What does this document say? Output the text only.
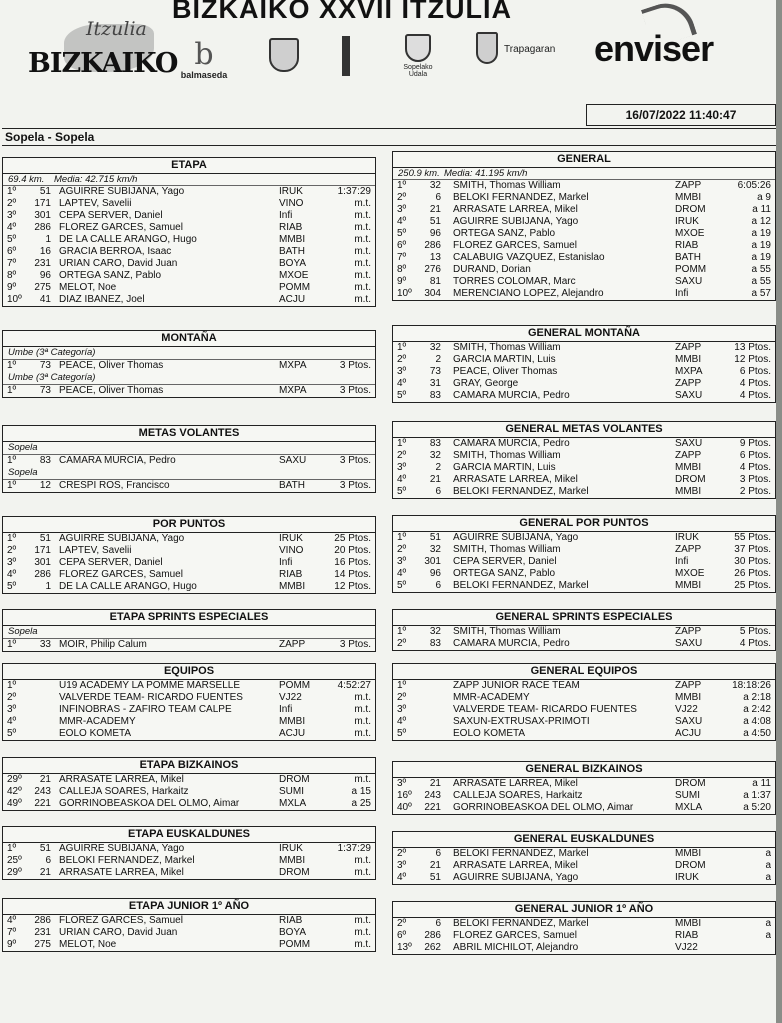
Itzulia
BIZKAIKO
BIZKAIKO XXVII ITZULIA
b
balmaseda
Sopelako Udala
Trapagaran enviser
16/07/2022 11:40:47
Sopela - Sopela
ETAPA
69.4 km.	Media: 42.715 km/h
1º	51 AGUIRRE SUBIJANA, Yago	IRUK	1:37:29
2º	171 LAPTEV, Savelii	VINO	m.t.
3º	301 CEPA SERVER, Daniel	Infi	m.t.
4º	286 FLOREZ GARCES, Samuel	RIAB	m.t.
5º	1 DE LA CALLE ARANGO, Hugo	MMBI	m.t.
6º	16 GRACIA BERROA, Isaac	BATH	m.t.
7º	231 URIAN CARO, David Juan	BOYA	m.t.
8º	96 ORTEGA SANZ, Pablo	MXOE	m.t.
9º	275 MELOT, Noe	POMM	m.t.
10º	41 DIAZ IBAÑEZ, Joel	ACJU	m.t.
GENERAL
250.9 km. Media: 41.195 km/h
1º	32 SMITH, Thomas William	ZAPP	6:05:26
2º	6 BELOKI FERNANDEZ, Markel	MMBI	a 9
3º	21 ARRASATE LARREA, Mikel	DROM	a 11
4º	51 AGUIRRE SUBIJANA, Yago	IRUK	a 12
5º	96 ORTEGA SANZ, Pablo	MXOE	a 19
6º	286 FLOREZ GARCES, Samuel	RIAB	a 19
7º	13 CALABUIG VAZQUEZ, Estanislao	BATH	a 19
8º	276 DURAND, Dorian	POMM	a 55
9º	81 TORRES COLOMAR, Marc	SAXU	a 55
10º	304 MERENCIANO LOPEZ, Alejandro	Infi	a 57
MONTAÑA
Umbe (3ª Categoría)
1º	73 PEACE, Oliver Thomas	MXPA	3 Ptos.
Umbe (3ª Categoría)
1º	73 PEACE, Oliver Thomas	MXPA	3 Ptos.
GENERAL MONTAÑA
1º	32 SMITH, Thomas William	ZAPP	13 Ptos.
2º	2 GARCIA MARTIN, Luis	MMBI	12 Ptos.
3º	73 PEACE, Oliver Thomas	MXPA	6 Ptos.
4º	31 GRAY, George	ZAPP	4 Ptos.
5º	83 CAMARA MURCIA, Pedro	SAXU	4 Ptos.
METAS VOLANTES
Sopela
1º	83 CAMARA MURCIA, Pedro	SAXU	3 Ptos.
Sopela
1º	12 CRESPI ROS, Francisco	BATH	3 Ptos.
GENERAL METAS VOLANTES
1º	83 CAMARA MURCIA, Pedro	SAXU	9 Ptos.
2º	32 SMITH, Thomas William	ZAPP	6 Ptos.
3º	2 GARCIA MARTIN, Luis	MMBI	4 Ptos.
4º	21 ARRASATE LARREA, Mikel	DROM	3 Ptos.
5º	6 BELOKI FERNANDEZ, Markel	MMBI	2 Ptos.
POR PUNTOS
1º	51 AGUIRRE SUBIJANA, Yago	IRUK	25 Ptos.
2º	171 LAPTEV, Savelii	VINO	20 Ptos.
3º	301 CEPA SERVER, Daniel	Infi	16 Ptos.
4º	286 FLOREZ GARCES, Samuel	RIAB	14 Ptos.
5º	1 DE LA CALLE ARANGO, Hugo	MMBI	12 Ptos.
GENERAL POR PUNTOS
1º	51 AGUIRRE SUBIJANA, Yago	IRUK	55 Ptos.
2º	32 SMITH, Thomas William	ZAPP	37 Ptos.
3º	301 CEPA SERVER, Daniel	Infi	30 Ptos.
4º	96 ORTEGA SANZ, Pablo	MXOE	26 Ptos.
5º	6 BELOKI FERNANDEZ, Markel	MMBI	25 Ptos.
ETAPA SPRINTS ESPECIALES
Sopela
1º	33 MOIR, Philip Calum	ZAPP	3 Ptos.
GENERAL SPRINTS ESPECIALES
1º	32 SMITH, Thomas William	ZAPP	5 Ptos.
2º	83 CAMARA MURCIA, Pedro	SAXU	4 Ptos.
EQUIPOS
1º	U19 ACADEMY LA POMME MARSELLE	POMM	4:52:27
2º	VALVERDE TEAM- RICARDO FUENTES	VJ22	m.t.
3º	INFINOBRAS - ZAFIRO TEAM CALPE	Infi	m.t.
4º	MMR-ACADEMY	MMBI	m.t.
5º	EOLO KOMETA	ACJU	m.t.
GENERAL EQUIPOS
1º	ZAPP JUNIOR RACE TEAM	ZAPP	18:18:26
2º	MMR-ACADEMY	MMBI	a 2:18
3º	VALVERDE TEAM- RICARDO FUENTES	VJ22	a 2:42
4º	SAXUN-EXTRUSAX-PRIMOTI	SAXU	a 4:08
5º	EOLO KOMETA	ACJU	a 4:50
ETAPA BIZKAINOS
29º	21 ARRASATE LARREA, Mikel	DROM	m.t.
42º	243 CALLEJA SOARES, Harkaitz	SUMI	a 15
49º	221 GORRIÑOBEASKOA DEL OLMO, Aimar	MXLA	a 25
GENERAL BIZKAINOS
3º	21 ARRASATE LARREA, Mikel	DROM	a 11
16º	243 CALLEJA SOARES, Harkaitz	SUMI	a 1:37
40º	221 GORRIÑOBEASKOA DEL OLMO, Aimar	MXLA	a 5:20
ETAPA EUSKALDUNES
1º	51 AGUIRRE SUBIJANA, Yago	IRUK	1:37:29
25º	6 BELOKI FERNANDEZ, Markel	MMBI	m.t.
29º	21 ARRASATE LARREA, Mikel	DROM	m.t.
GENERAL EUSKALDUNES
2º	6 BELOKI FERNANDEZ, Markel	MMBI	a
3º	21 ARRASATE LARREA, Mikel	DROM	a
4º	51 AGUIRRE SUBIJANA, Yago	IRUK	a
ETAPA JUNIOR 1º AÑO
4º	286 FLOREZ GARCES, Samuel	RIAB	m.t.
7º	231 URIAN CARO, David Juan	BOYA	m.t.
9º	275 MELOT, Noe	POMM	m.t.
GENERAL JUNIOR 1º AÑO
2º	6 BELOKI FERNANDEZ, Markel	MMBI	a
6º	286 FLOREZ GARCES, Samuel	RIAB	a
13º	262 ABRIL MICHILOT, Alejandro	VJ22
